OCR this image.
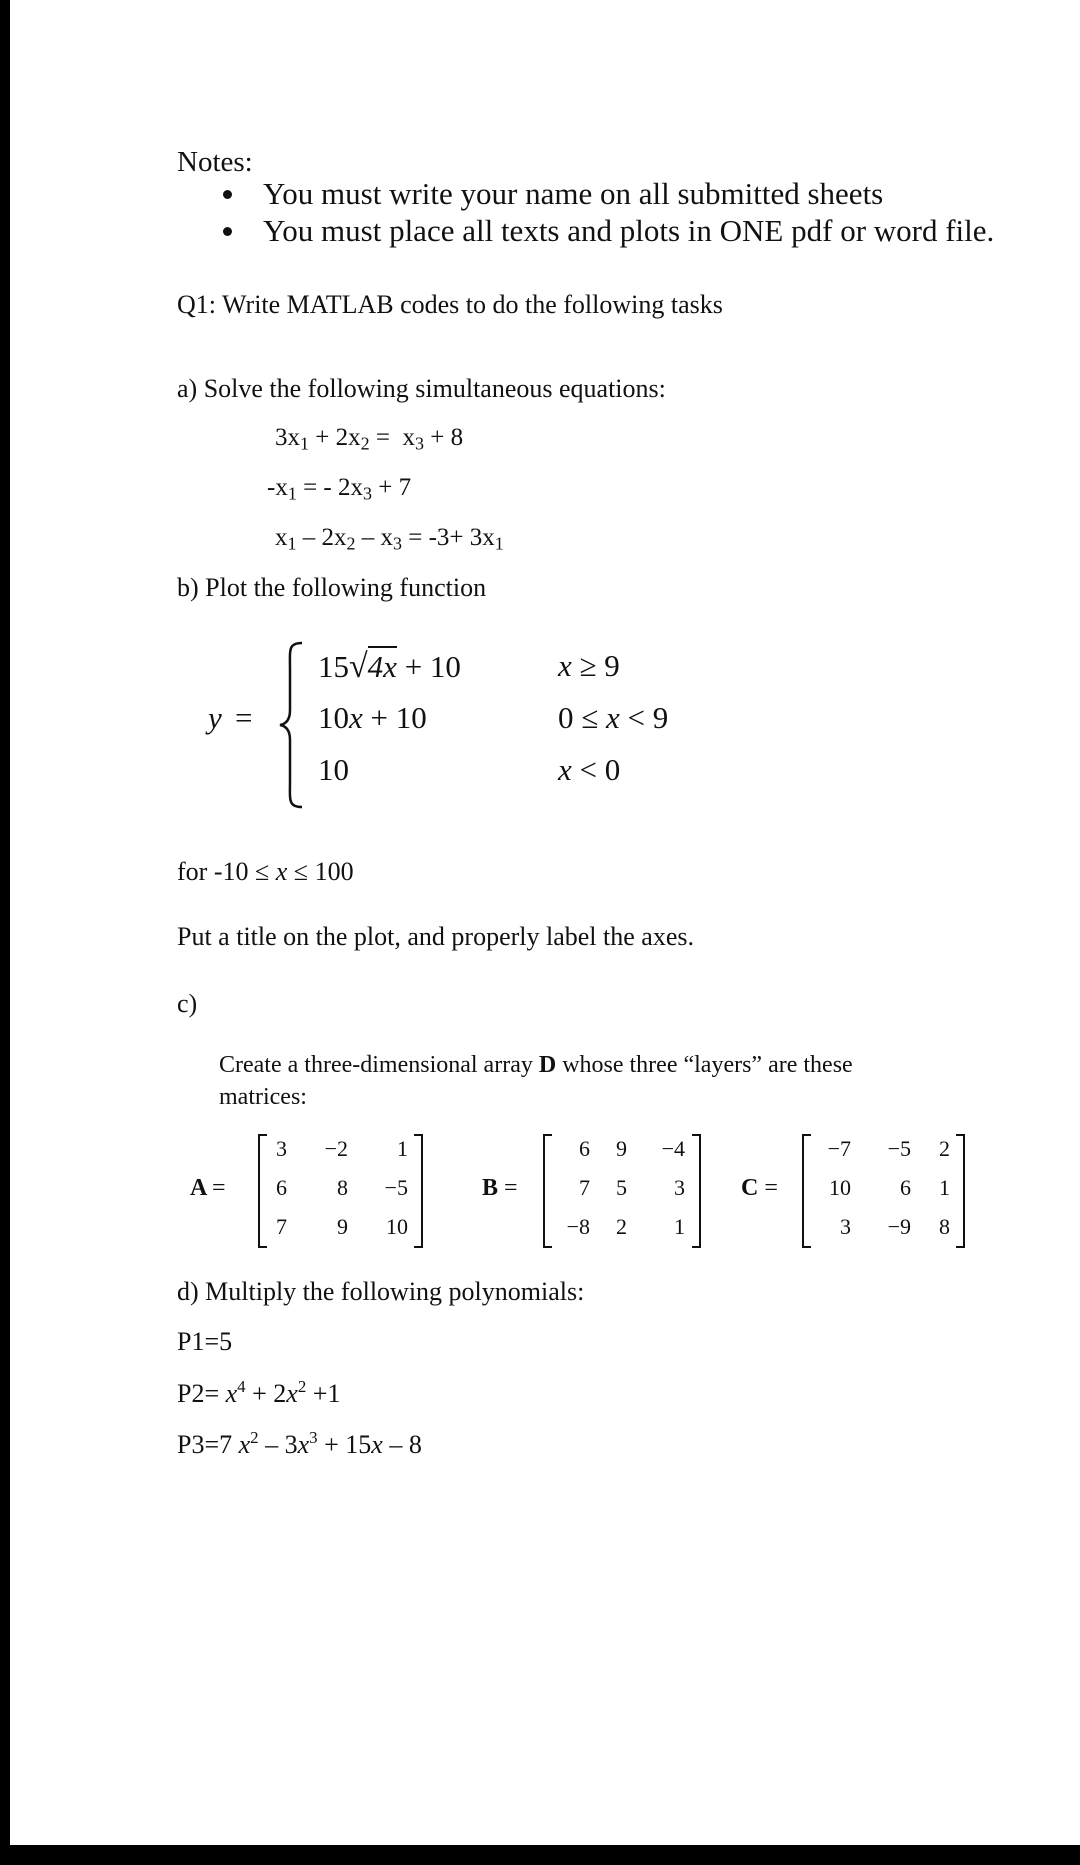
Notes:
You must write your name on all submitted sheets
You must place all texts and plots in ONE pdf or word file.
Q1: Write MATLAB codes to do the following tasks
a) Solve the following simultaneous equations:
$3x_1 + 2x_2 = x_3 + 8$
$-x_1$ = - $2x_3 + 7$
$x_1 - 2x_2 - x_3 = -3+ 3x_1$
b) Plot the following function
y =
15√4x + 10	x ≥ 9
10x + 10	0 ≤ x < 9
10	x < 0
for -10 ≤ x ≤ 100
Put a title on the plot, and properly label the axes.
c)
Create a three-dimensional array D whose three “layers” are these
matrices:
A =
3	−2	1
6	8	−5
7	9	10
B =
6	9	−4
7	5	3
−8	2	1
C =
−7	−5	2
10	6	1
3	−9	8
d) Multiply the following polynomials:
P1=5
$P2= x^4 + 2x^2 +1$
P3=7 $x^2 - 3x^3 + 15x - 8$
